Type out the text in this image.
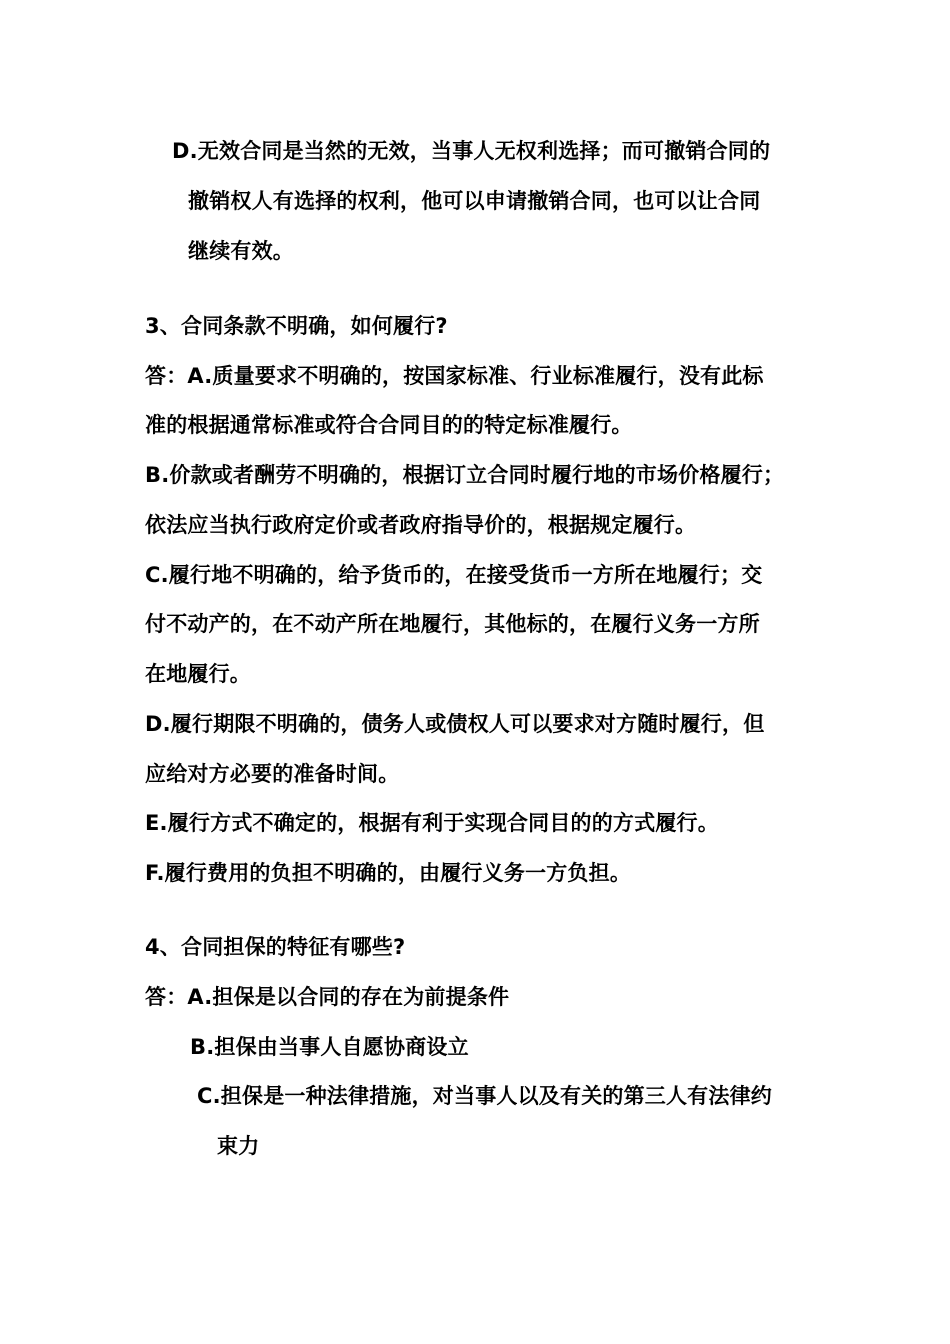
D.无效合同是当然的无效，当事人无权利选择；而可撤销合同的
撤销权人有选择的权利，他可以申请撤销合同，也可以让合同
继续有效。
3、合同条款不明确，如何履行?
答：A.质量要求不明确的，按国家标准、行业标准履行，没有此标
准的根据通常标准或符合合同目的的特定标准履行。
B.价款或者酬劳不明确的，根据订立合同时履行地的市场价格履行；
依法应当执行政府定价或者政府指导价的，根据规定履行。
C.履行地不明确的，给予货币的，在接受货币一方所在地履行；交
付不动产的，在不动产所在地履行，其他标的，在履行义务一方所
在地履行。
D.履行期限不明确的，债务人或债权人可以要求对方随时履行，但
应给对方必要的准备时间。
E.履行方式不确定的，根据有利于实现合同目的的方式履行。
F.履行费用的负担不明确的，由履行义务一方负担。
4、合同担保的特征有哪些?
答：A.担保是以合同的存在为前提条件
B.担保由当事人自愿协商设立
C.担保是一种法律措施，对当事人以及有关的第三人有法律约
束力
